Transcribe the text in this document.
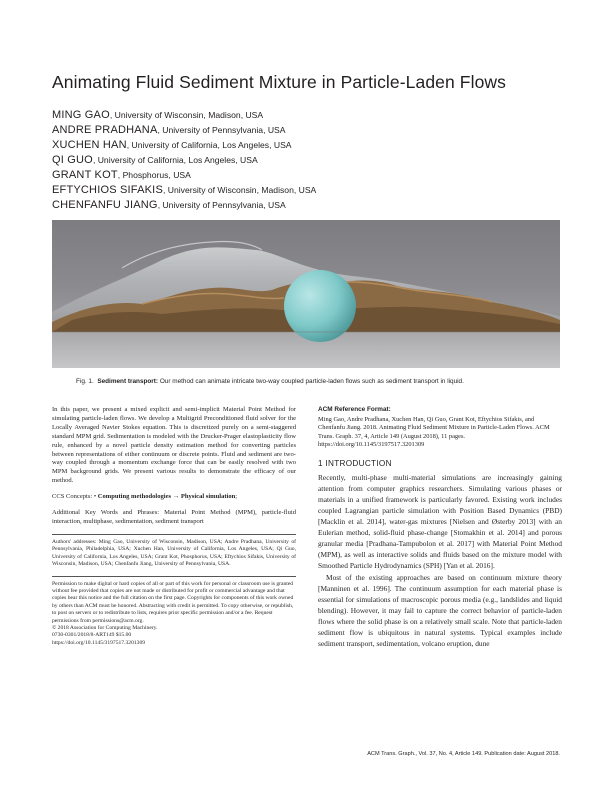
Animating Fluid Sediment Mixture in Particle-Laden Flows
MING GAO, University of Wisconsin, Madison, USA
ANDRE PRADHANA, University of Pennsylvania, USA
XUCHEN HAN, University of California, Los Angeles, USA
QI GUO, University of California, Los Angeles, USA
GRANT KOT, Phosphorus, USA
EFTYCHIOS SIFAKIS, University of Wisconsin, Madison, USA
CHENFANFU JIANG, University of Pennsylvania, USA
Fig. 1. Sediment transport: Our method can animate intricate two-way coupled particle-laden flows such as sediment transport in liquid.

In this paper, we present a mixed explicit and semi-implicit Material Point Method for simulating particle-laden flows. We develop a Multigrid Preconditioned fluid solver for the Locally Averaged Navier Stokes equation. This is discretized purely on a semi-staggered standard MPM grid. Sedimentation is modeled with the Drucker-Prager elastoplasticity flow rule, enhanced by a novel particle density estimation method for converting particles between representations of either continuum or discrete points. Fluid and sediment are two-way coupled through a momentum exchange force that can be easily resolved with two MPM background grids. We present various results to demonstrate the efficacy of our method.

CCS Concepts: • Computing methodologies → Physical simulation;

Additional Key Words and Phrases: Material Point Method (MPM), particle-fluid interaction, multiphase, sedimentation, sediment transport

Authors' addresses: Ming Gao, University of Wisconsin, Madison, USA; Andre Pradhana, University of Pennsylvania, Philadelphia, USA; Xuchen Han, University of California, Los Angeles, USA; Qi Guo, University of California, Los Angeles, USA; Grant Kot, Phosphorus, USA; Eftychios Sifakis, University of Wisconsin, Madison, USA; Chenfanfu Jiang, University of Pennsylvania, USA.

Permission to make digital or hard copies of all or part of this work for personal or classroom use is granted without fee provided that copies are not made or distributed for profit or commercial advantage and that copies bear this notice and the full citation on the first page. Copyrights for components of this work owned by others than ACM must be honored. Abstracting with credit is permitted. To copy otherwise, or republish, to post on servers or to redistribute to lists, requires prior specific permission and/or a fee. Request permissions from permissions@acm.org.
© 2018 Association for Computing Machinery.
0730-0301/2018/8-ART149 $15.00
https://doi.org/10.1145/3197517.3201309
ACM Reference Format:
Ming Gao, Andre Pradhana, Xuchen Han, Qi Guo, Grant Kot, Eftychios Sifakis, and Chenfanfu Jiang. 2018. Animating Fluid Sediment Mixture in Particle-Laden Flows. ACM Trans. Graph. 37, 4, Article 149 (August 2018), 11 pages. https://doi.org/10.1145/3197517.3201309
1 INTRODUCTION

Recently, multi-phase multi-material simulations are increasingly gaining attention from computer graphics researchers. Simulating various phases or materials in a unified framework is particularly favored. Existing work includes coupled Lagrangian particle simulation with Position Based Dynamics (PBD) [Macklin et al. 2014], water-gas mixtures [Nielsen and Østerby 2013] with an Eulerian method, solid-fluid phase-change [Stomakhin et al. 2014] and porous granular media [Pradhana-Tampubolon et al. 2017] with Material Point Method (MPM), as well as interactive solids and fluids based on the mixture model with Smoothed Particle Hydrodynamics (SPH) [Yan et al. 2016].

Most of the existing approaches are based on continuum mixture theory [Manninen et al. 1996]. The continuum assumption for each material phase is essential for simulations of macroscopic porous media (e.g., landslides and liquid blending). However, it may fail to capture the correct behavior of particle-laden flows where the solid phase is on a relatively small scale. Note that particle-laden sediment flow is ubiquitous in natural systems. Typical examples include sediment transport, sedimentation, volcano eruption, dune

ACM Trans. Graph., Vol. 37, No. 4, Article 149. Publication date: August 2018.
